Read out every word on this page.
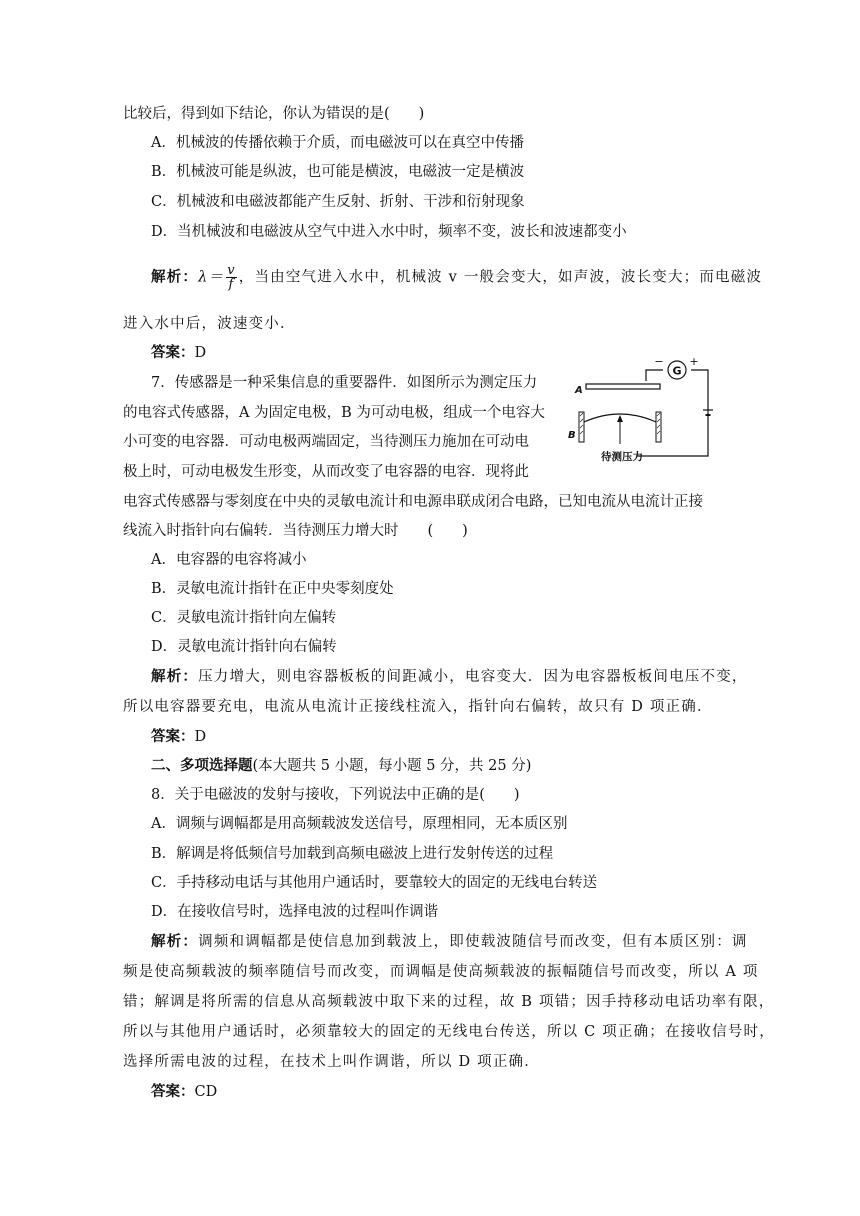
比较后，得到如下结论，你认为错误的是(　　)
A．机械波的传播依赖于介质，而电磁波可以在真空中传播
B．机械波可能是纵波，也可能是横波，电磁波一定是横波
C．机械波和电磁波都能产生反射、折射、干涉和衍射现象
D．当机械波和电磁波从空气中进入水中时，频率不变，波长和波速都变小
解析：$\lambda= \frac{v}{f}$ ，当由空气进入水中，机械波 v 一般会变大，如声波，波长变大；而电磁波
进入水中后，波速变小．
答案：D
7．传感器是一种采集信息的重要器件．如图所示为测定压力
的电容式传感器，A 为固定电极，B 为可动电极，组成一个电容大
小可变的电容器．可动电极两端固定，当待测压力施加在可动电
极上时，可动电极发生形变，从而改变了电容器的电容．现将此
电容式传感器与零刻度在中央的灵敏电流计和电源串联成闭合电路，已知电流从电流计正接
线流入时指针向右偏转．当待测压力增大时　　(　　)
A．电容器的电容将减小
B．灵敏电流计指针在正中央零刻度处
C．灵敏电流计指针向左偏转
D．灵敏电流计指针向右偏转
解析：压力增大，则电容器板板的间距减小，电容变大．因为电容器板板间电压不变，
所以电容器要充电，电流从电流计正接线柱流入，指针向右偏转，故只有 D 项正确．
答案：D
二、多项选择题(本大题共 5 小题，每小题 5 分，共 25 分)
8．关于电磁波的发射与接收，下列说法中正确的是(　　)
A．调频与调幅都是用高频载波发送信号，原理相同，无本质区别
B．解调是将低频信号加载到高频电磁波上进行发射传送的过程
C．手持移动电话与其他用户通话时，要靠较大的固定的无线电台转送
D．在接收信号时，选择电波的过程叫作调谐
解析：调频和调幅都是使信息加到载波上，即使载波随信号而改变，但有本质区别：调
频是使高频载波的频率随信号而改变，而调幅是使高频载波的振幅随信号而改变，所以 A 项
错；解调是将所需的信息从高频载波中取下来的过程，故 B 项错；因手持移动电话功率有限，
所以与其他用户通话时，必须靠较大的固定的无线电台传送，所以 C 项正确；在接收信号时，
选择所需电波的过程，在技术上叫作调谐，所以 D 项正确．
答案：CD
G
− +
A
B
待测压力
